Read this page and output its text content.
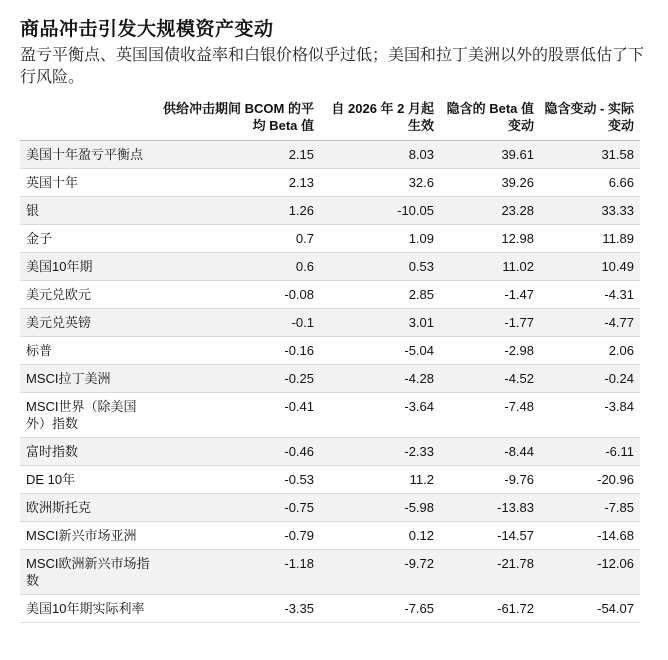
商品冲击引发大规模资产变动
盈亏平衡点、英国国债收益率和白银价格似乎过低；美国和拉丁美洲以外的股票低估了下行风险。
	供给冲击期间 BCOM 的平均 Beta 值	自 2026 年 2 月起生效	隐含的 Beta 值变动	隐含变动 - 实际变动
美国十年盈亏平衡点	2.15	8.03	39.61	31.58
英国十年	2.13	32.6	39.26	6.66
银	1.26	-10.05	23.28	33.33
金子	0.7	1.09	12.98	11.89
美国10年期	0.6	0.53	11.02	10.49
美元兑欧元	-0.08	2.85	-1.47	-4.31
美元兑英镑	-0.1	3.01	-1.77	-4.77
标普	-0.16	-5.04	-2.98	2.06
MSCI拉丁美洲	-0.25	-4.28	-4.52	-0.24
MSCI世界（除美国外）指数	-0.41	-3.64	-7.48	-3.84
富时指数	-0.46	-2.33	-8.44	-6.11
DE 10年	-0.53	11.2	-9.76	-20.96
欧洲斯托克	-0.75	-5.98	-13.83	-7.85
MSCI新兴市场亚洲	-0.79	0.12	-14.57	-14.68
MSCI欧洲新兴市场指数	-1.18	-9.72	-21.78	-12.06
美国10年期实际利率	-3.35	-7.65	-61.72	-54.07
